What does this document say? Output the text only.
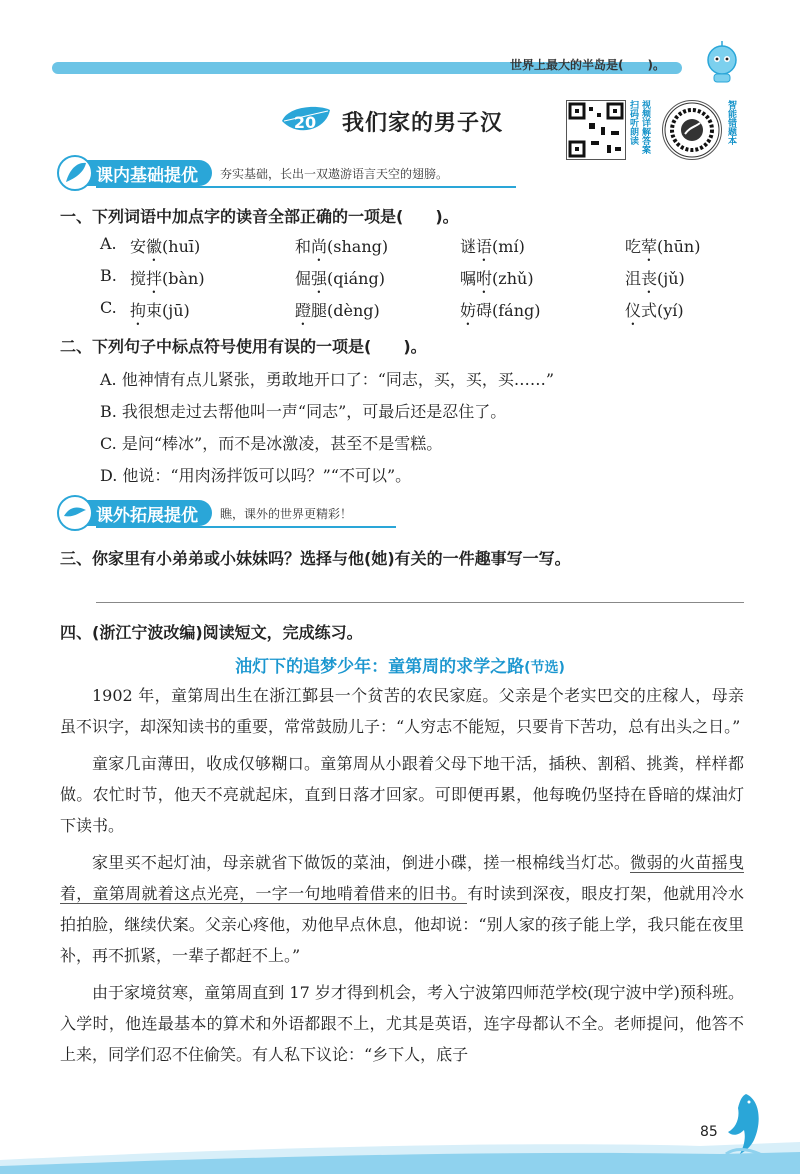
世界上最大的半岛是(　　)。
20 我们家的男子汉	扫码听朗读 视频详解答案	智能错题本
课内基础提优 夯实基础，长出一双遨游语言天空的翅膀。
一、下列词语中加点字的读音全部正确的一项是(　　)。
A. 安徽(huī)	和尚(shang)	谜语(mí)	吃荤(hūn)
B. 搅拌(bàn)	倔强(qiáng)	嘱咐(zhǔ)	沮丧(jǔ)
C. 拘束(jū)	蹬腿(dèng)	妨碍(fáng)	仪式(yí)
二、下列句子中标点符号使用有误的一项是(　　)。
A. 他神情有点儿紧张，勇敢地开口了：“同志，买，买，买……”
B. 我很想走过去帮他叫一声“同志”，可最后还是忍住了。
C. 是问“棒冰”，而不是冰激凌，甚至不是雪糕。
D. 他说：“用肉汤拌饭可以吗？”“不可以”。
课外拓展提优 瞧，课外的世界更精彩！
三、你家里有小弟弟或小妹妹吗？选择与他(她)有关的一件趣事写一写。
四、(浙江宁波改编)阅读短文，完成练习。
油灯下的追梦少年：童第周的求学之路(节选)

1902 年，童第周出生在浙江鄞县一个贫苦的农民家庭。父亲是个老实巴交的庄稼人，母亲虽不识字，却深知读书的重要，常常鼓励儿子：“人穷志不能短，只要肯下苦功，总有出头之日。”

童家几亩薄田，收成仅够糊口。童第周从小跟着父母下地干活，插秧、割稻、挑粪，样样都做。农忙时节，他天不亮就起床，直到日落才回家。可即便再累，他每晚仍坚持在昏暗的煤油灯下读书。

家里买不起灯油，母亲就省下做饭的菜油，倒进小碟，搓一根棉线当灯芯。微弱的火苗摇曳着，童第周就着这点光亮，一字一句地啃着借来的旧书。有时读到深夜，眼皮打架，他就用冷水拍拍脸，继续伏案。父亲心疼他，劝他早点休息，他却说：“别人家的孩子能上学，我只能在夜里补，再不抓紧，一辈子都赶不上。”

由于家境贫寒，童第周直到 17 岁才得到机会，考入宁波第四师范学校(现宁波中学)预科班。入学时，他连最基本的算术和外语都跟不上，尤其是英语，连字母都认不全。老师提问，他答不上来，同学们忍不住偷笑。有人私下议论：“乡下人，底子

85
